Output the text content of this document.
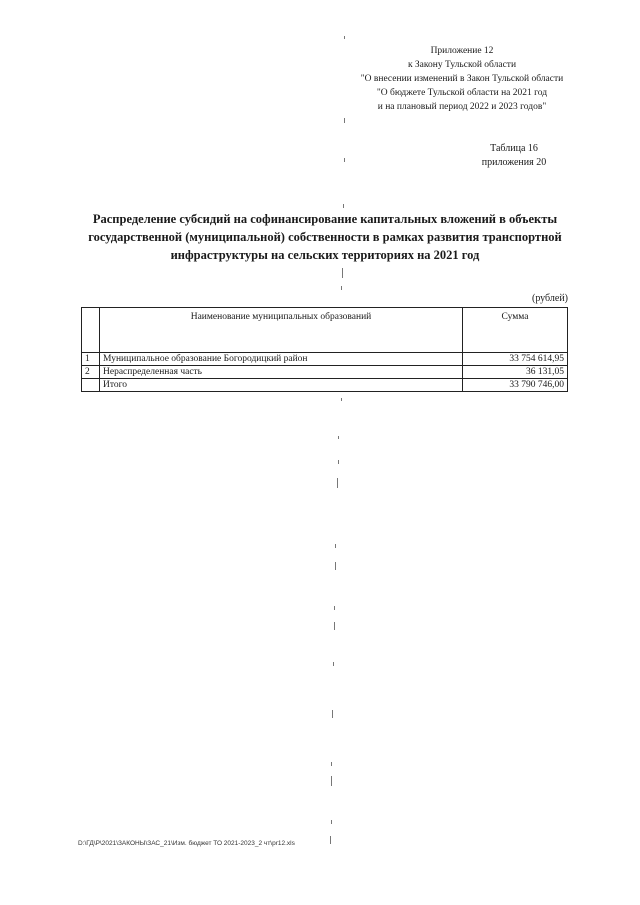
Приложение 12
к Закону Тульской области
"О внесении изменений в Закон Тульской области
"О бюджете Тульской области на 2021 год
и на плановый период 2022 и 2023 годов"
Таблица 16
приложения 20
Распределение субсидий на софинансирование капитальных вложений в объекты
государственной (муниципальной) собственности в рамках развития транспортной
инфраструктуры на сельских территориях на 2021 год
(рублей)
	Наименование муниципальных образований	Сумма
1	Муниципальное образование Богородицкий район	33 754 614,95
2	Нераспределенная часть	36 131,05
	Итого	33 790 746,00
D:\ГД\Р\2021\ЗАКОНЫ\ЗАС_21\Изм. бюджет ТО 2021-2023_2 чт\pr12.xls
